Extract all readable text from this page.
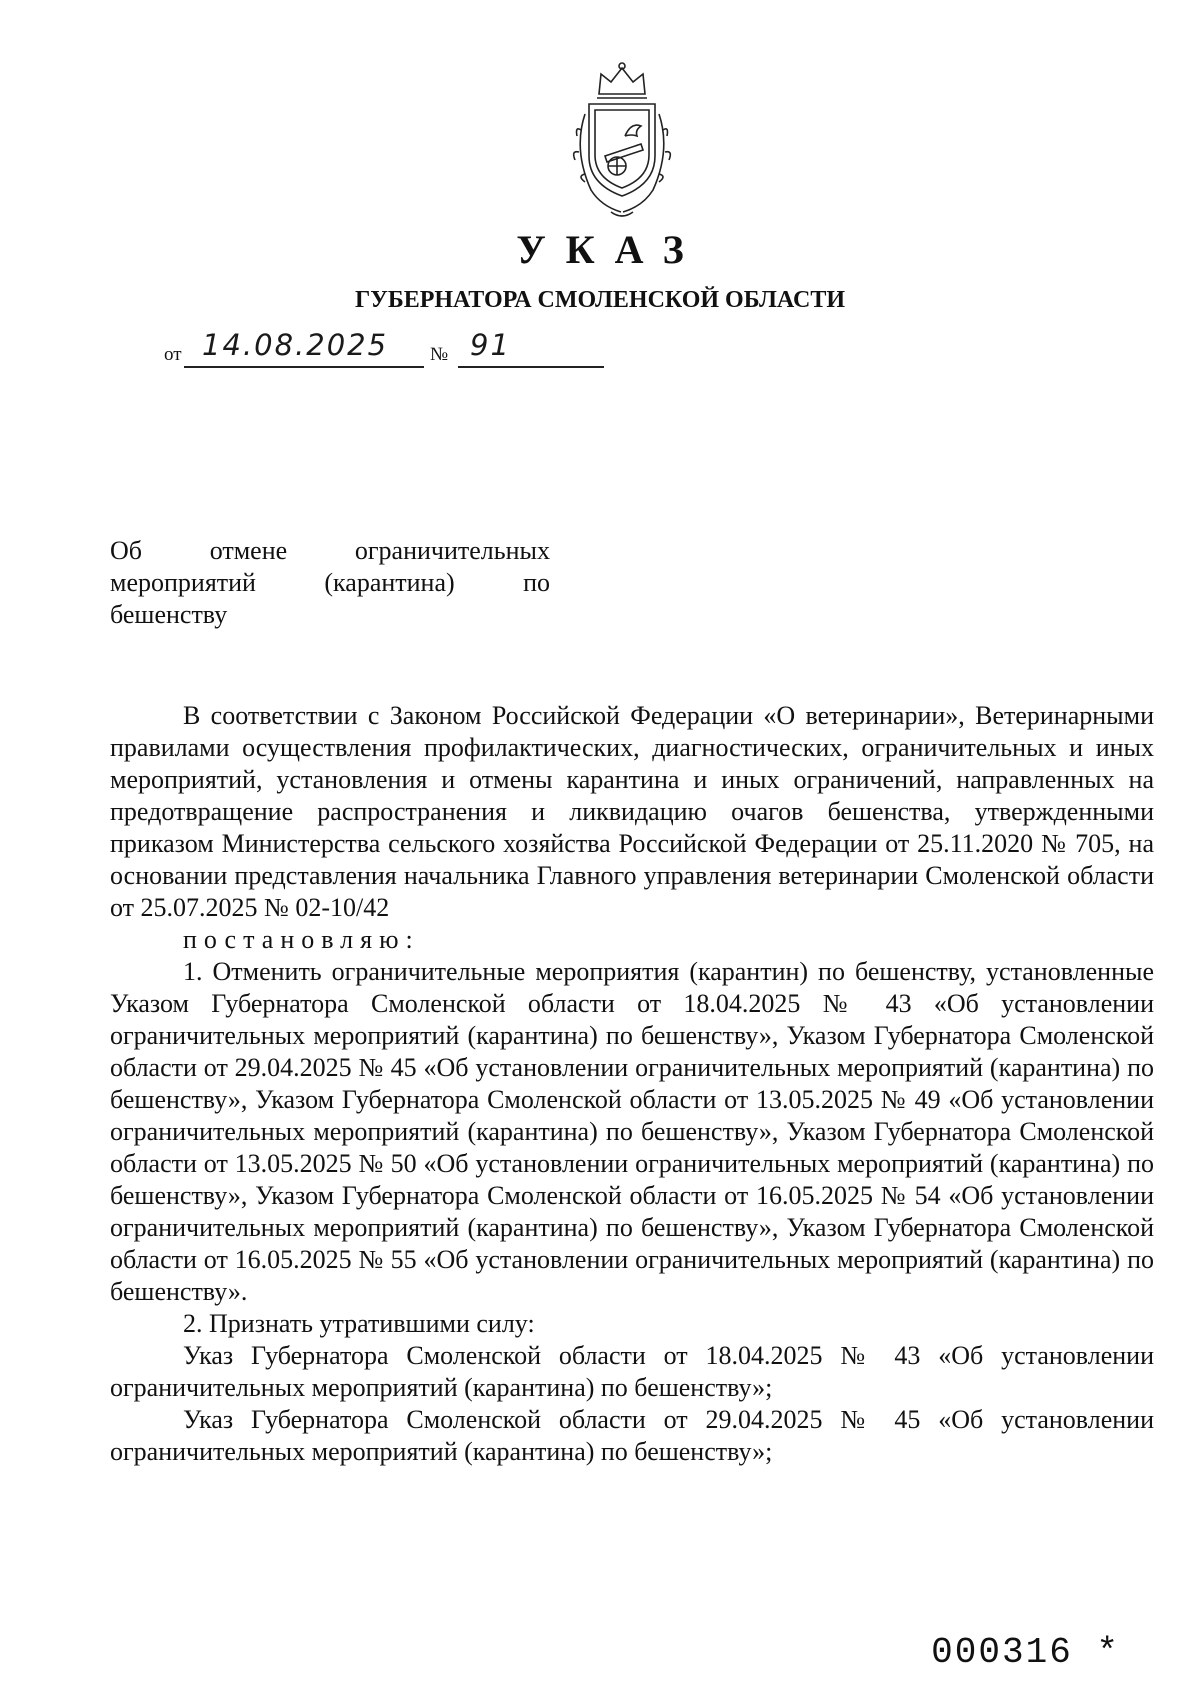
УКАЗ
ГУБЕРНАТОРА СМОЛЕНСКОЙ ОБЛАСТИ
от 14.08.2025 № 91
Об	отмене	ограничительных
мероприятий	(карантина)	по
бешенству

В соответствии с Законом Российской Федерации «О ветеринарии», Ветеринарными правилами осуществления профилактических, диагностических, ограничительных и иных мероприятий, установления и отмены карантина и иных ограничений, направленных на предотвращение распространения и ликвидацию очагов бешенства, утвержденными приказом Министерства сельского хозяйства Российской Федерации от 25.11.2020 № 705, на основании представления начальника Главного управления ветеринарии Смоленской области от 25.07.2025 № 02-10/42

постановляю:

1. Отменить ограничительные мероприятия (карантин) по бешенству, установленные Указом Губернатора Смоленской области от 18.04.2025 № 43 «Об установлении ограничительных мероприятий (карантина) по бешенству», Указом Губернатора Смоленской области от 29.04.2025 № 45 «Об установлении ограничительных мероприятий (карантина) по бешенству», Указом Губернатора Смоленской области от 13.05.2025 № 49 «Об установлении ограничительных мероприятий (карантина) по бешенству», Указом Губернатора Смоленской области от 13.05.2025 № 50 «Об установлении ограничительных мероприятий (карантина) по бешенству», Указом Губернатора Смоленской области от 16.05.2025 № 54 «Об установлении ограничительных мероприятий (карантина) по бешенству», Указом Губернатора Смоленской области от 16.05.2025 № 55 «Об установлении ограничительных мероприятий (карантина) по бешенству».

2. Признать утратившими силу:

Указ Губернатора Смоленской области от 18.04.2025 № 43 «Об установлении ограничительных мероприятий (карантина) по бешенству»;

Указ Губернатора Смоленской области от 29.04.2025 № 45 «Об установлении ограничительных мероприятий (карантина) по бешенству»;

000316 *
